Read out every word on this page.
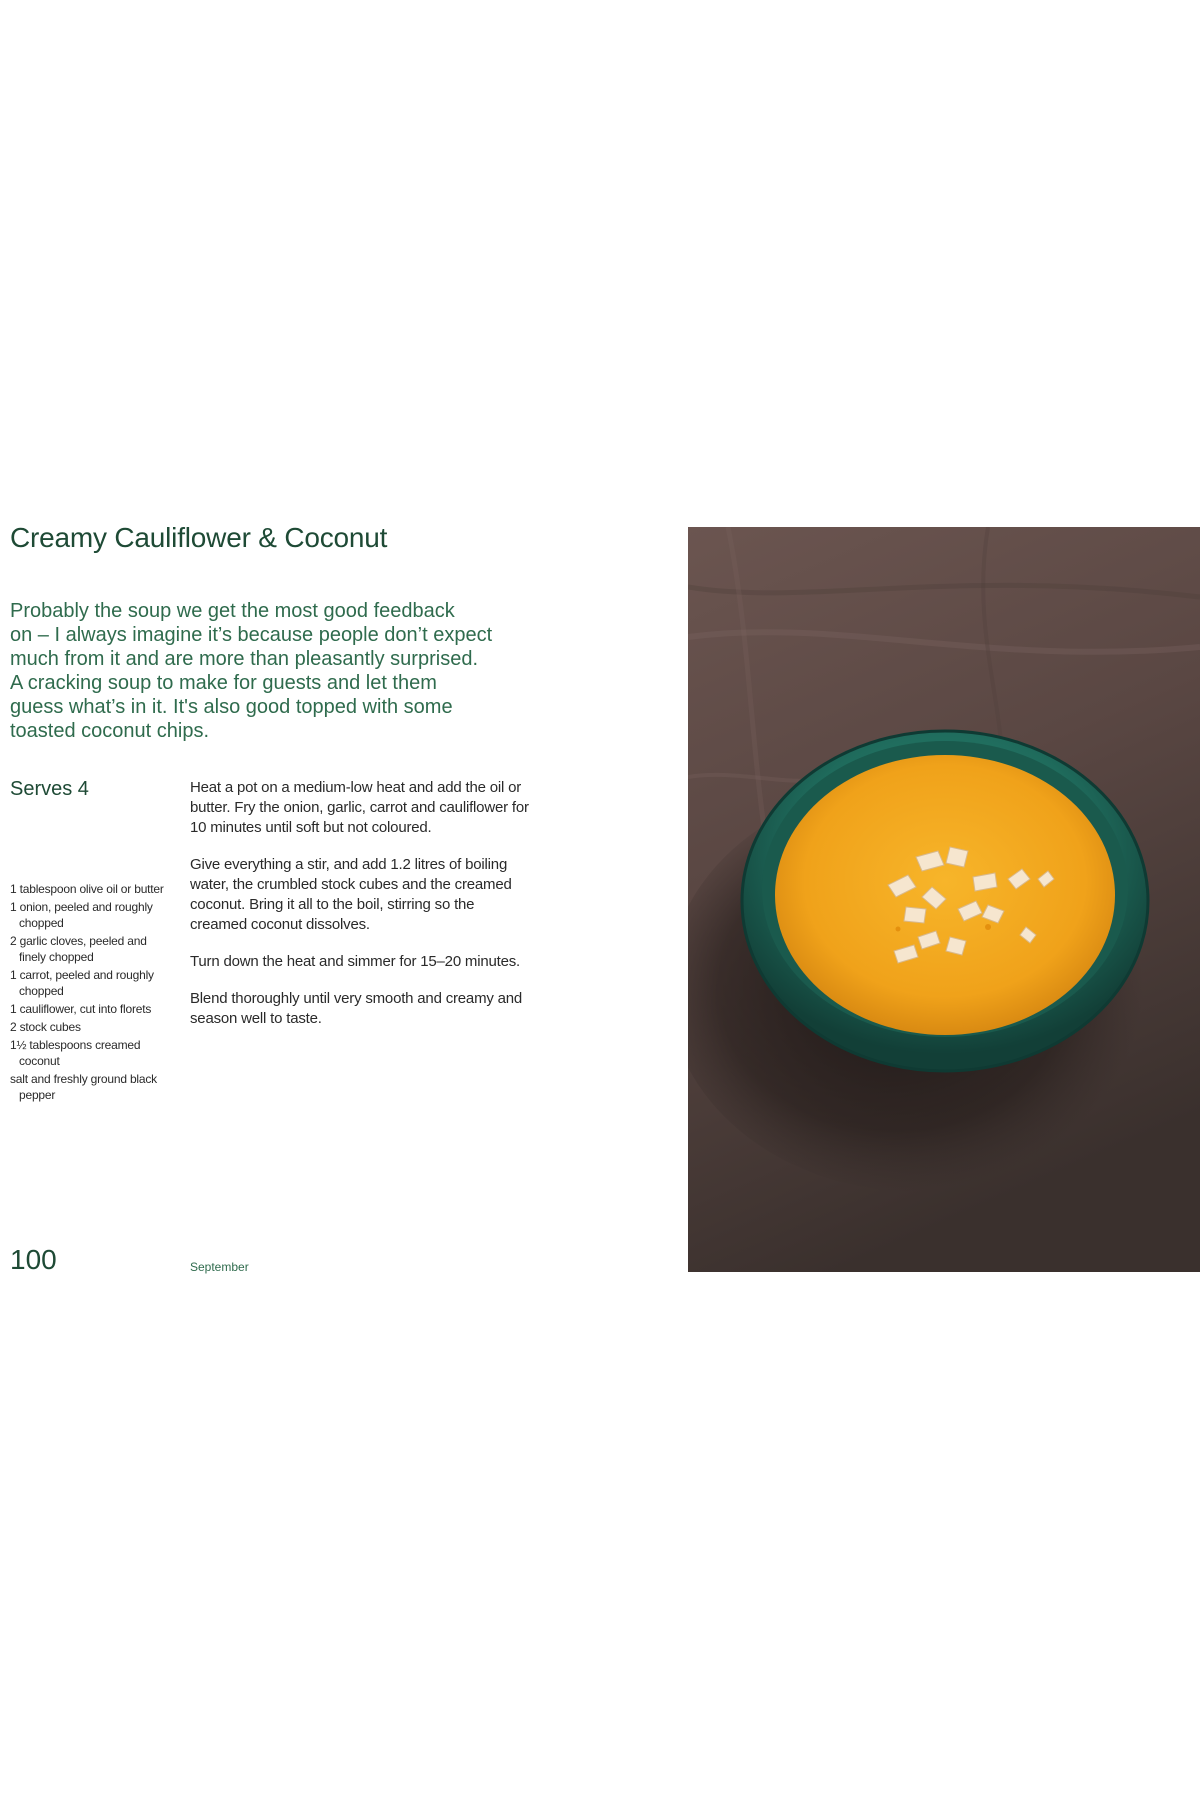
Creamy Cauliflower & Coconut

Probably the soup we get the most good feedback
on – I always imagine it’s because people don’t expect
much from it and are more than pleasantly surprised.
A cracking soup to make for guests and let them
guess what’s in it. It's also good topped with some
toasted coconut chips.

Serves 4

1 tablespoon olive oil or butter
1 onion, peeled and roughly chopped
2 garlic cloves, peeled and finely chopped
1 carrot, peeled and roughly chopped
1 cauliflower, cut into florets
2 stock cubes
1½ tablespoons creamed coconut
salt and freshly ground black pepper

Heat a pot on a medium-low heat and add the oil or butter. Fry the onion, garlic, carrot and cauliflower for 10 minutes until soft but not coloured.

Give everything a stir, and add 1.2 litres of boiling water, the crumbled stock cubes and the creamed coconut. Bring it all to the boil, stirring so the creamed coconut dissolves.

Turn down the heat and simmer for 15–20 minutes.

Blend thoroughly until very smooth and creamy and season well to taste.

100	September
